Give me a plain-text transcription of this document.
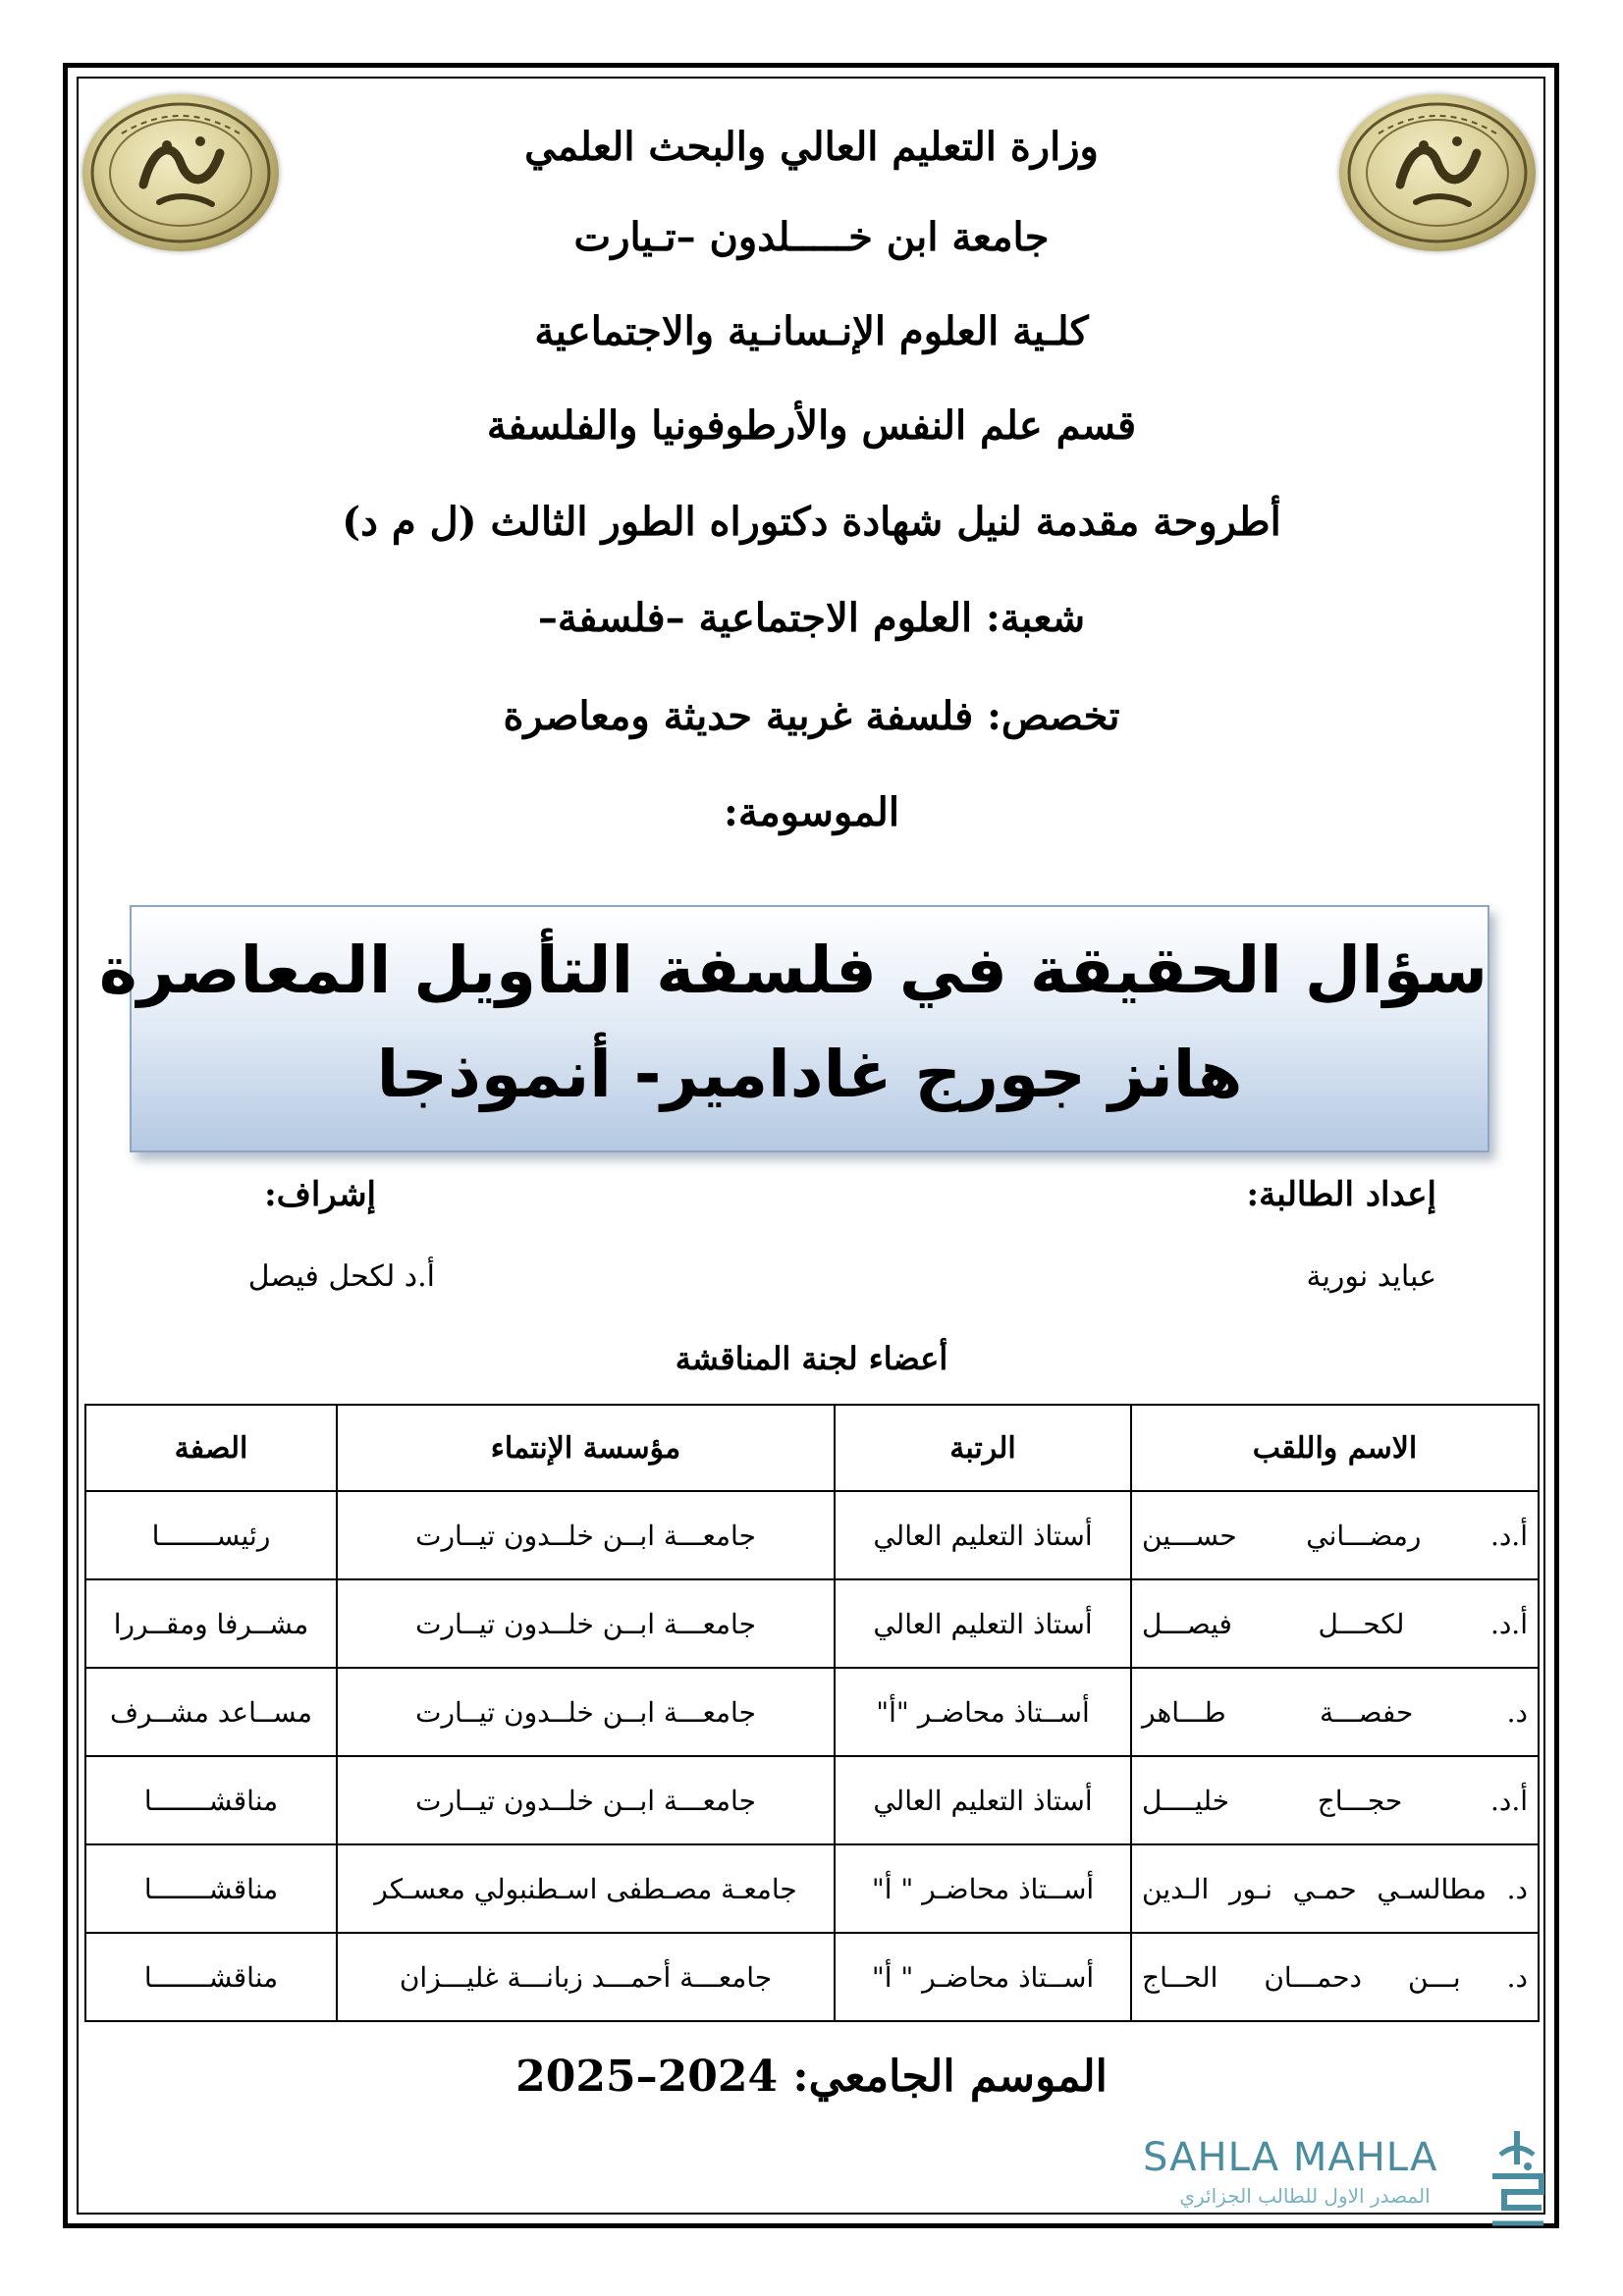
وزارة التعليم العالي والبحث العلمي
جامعة ابن خـــــلدون –تـيارت
كلـية العلوم الإنـسانـية والاجتماعية
قسم علم النفس والأرطوفونيا والفلسفة
أطروحة مقدمة لنيل شهادة دكتوراه الطور الثالث (ل م د)
شعبة: العلوم الاجتماعية –فلسفة–
تخصص: فلسفة غربية حديثة ومعاصرة
الموسومة:
سؤال الحقيقة في فلسفة التأويل المعاصرة
هانز جورج غادامير- أنموذجا
إعداد الطالبة:
عبايد نورية
إشراف:
أ.د لكحل فيصل
أعضاء لجنة المناقشة
الاسم واللقب	الرتبة	مؤسسة الإنتماء	الصفة
أ.د. رمضـــاني حســـين	أستاذ التعليم العالي	جامعـــة ابــن خلــدون تيــارت	رئيســـــــا
أ.د. لكحـــل فيصـــل	أستاذ التعليم العالي	جامعـــة ابــن خلــدون تيــارت	مشــرفا ومقــررا
د. حفصـــة طـــاهر	أســتاذ محاضـر "أ"	جامعـــة ابــن خلــدون تيــارت	مســاعد مشــرف
أ.د. حجـــاج خليــــل	أستاذ التعليم العالي	جامعـــة ابــن خلــدون تيــارت	مناقشـــــــا
د. مطالسـي حمـي نـور الـدين	أســتاذ محاضـر " أ"	جامعـة مصـطفى اسـطنبولي معسـكر	مناقشـــــــا
د. بـــن دحمـــان الحــاج	أســتاذ محاضـر " أ"	جامعـــة أحمـــد زبانـــة غليـــزان	مناقشـــــــا
الموسم الجامعي: 2024–2025
SAHLA MAHLA
المصدر الاول للطالب الجزائري
